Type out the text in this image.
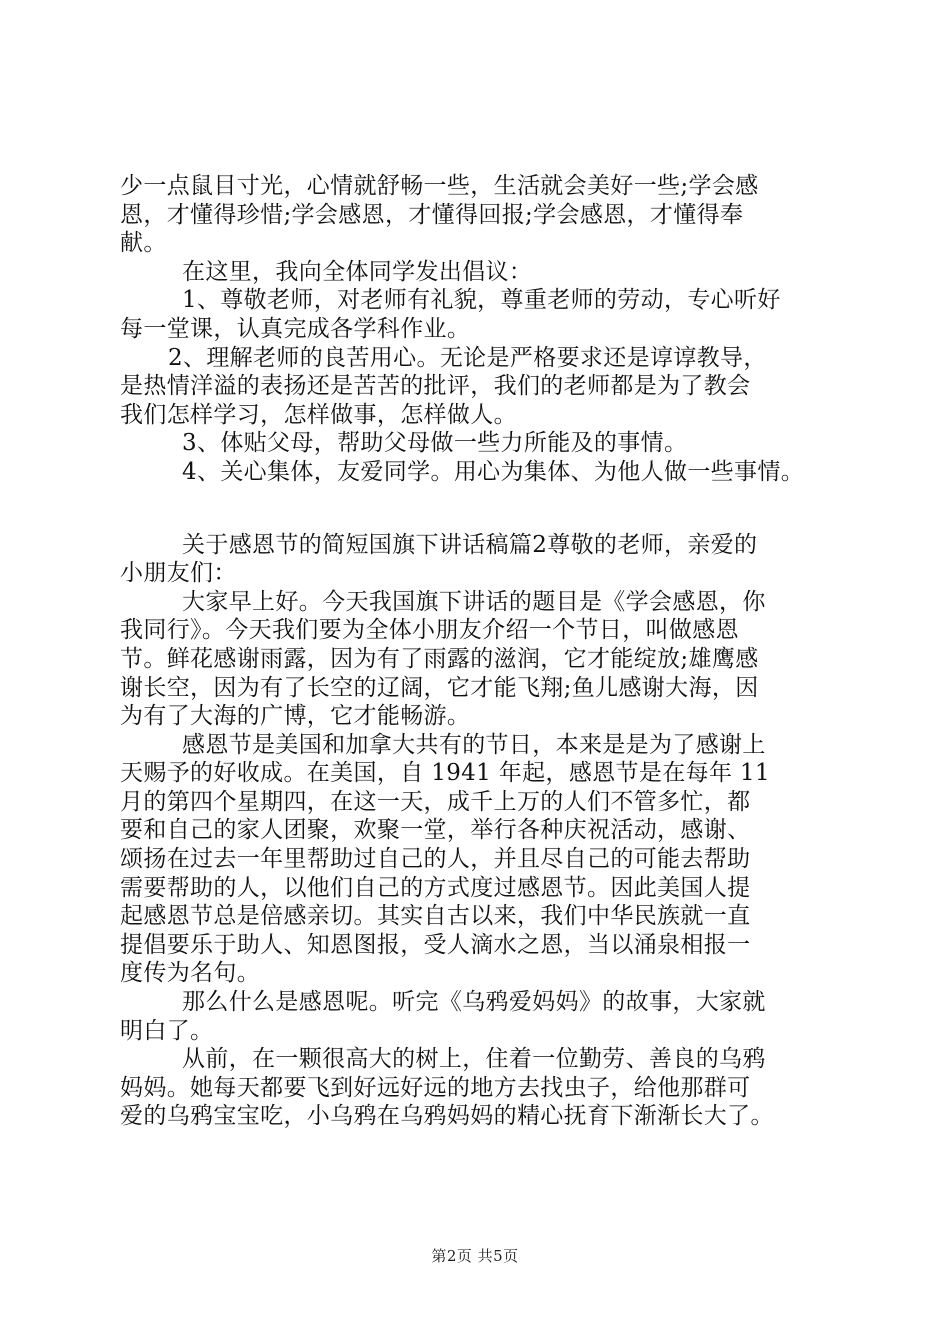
少一点鼠目寸光，心情就舒畅一些，生活就会美好一些;学会感
恩，才懂得珍惜;学会感恩，才懂得回报;学会感恩，才懂得奉
献。
在这里，我向全体同学发出倡议：
1、尊敬老师，对老师有礼貌，尊重老师的劳动，专心听好
每一堂课，认真完成各学科作业。
2、理解老师的良苦用心。无论是严格要求还是谆谆教导，
是热情洋溢的表扬还是苦苦的批评，我们的老师都是为了教会
我们怎样学习，怎样做事，怎样做人。
3、体贴父母，帮助父母做一些力所能及的事情。
4、关心集体，友爱同学。用心为集体、为他人做一些事情。
关于感恩节的简短国旗下讲话稿篇2尊敬的老师，亲爱的
小朋友们：
大家早上好。今天我国旗下讲话的题目是《学会感恩，你
我同行》。今天我们要为全体小朋友介绍一个节日，叫做感恩
节。鲜花感谢雨露，因为有了雨露的滋润，它才能绽放;雄鹰感
谢长空，因为有了长空的辽阔，它才能飞翔;鱼儿感谢大海，因
为有了大海的广博，它才能畅游。
感恩节是美国和加拿大共有的节日，本来是是为了感谢上
天赐予的好收成。在美国，自 1941 年起，感恩节是在每年 11
月的第四个星期四，在这一天，成千上万的人们不管多忙，都
要和自己的家人团聚，欢聚一堂，举行各种庆祝活动，感谢、
颂扬在过去一年里帮助过自己的人，并且尽自己的可能去帮助
需要帮助的人，以他们自己的方式度过感恩节。因此美国人提
起感恩节总是倍感亲切。其实自古以来，我们中华民族就一直
提倡要乐于助人、知恩图报，受人滴水之恩，当以涌泉相报一
度传为名句。
那么什么是感恩呢。听完《乌鸦爱妈妈》的故事，大家就
明白了。
从前，在一颗很高大的树上，住着一位勤劳、善良的乌鸦
妈妈。她每天都要飞到好远好远的地方去找虫子，给他那群可
爱的乌鸦宝宝吃，小乌鸦在乌鸦妈妈的精心抚育下渐渐长大了。
第2页 共5页
